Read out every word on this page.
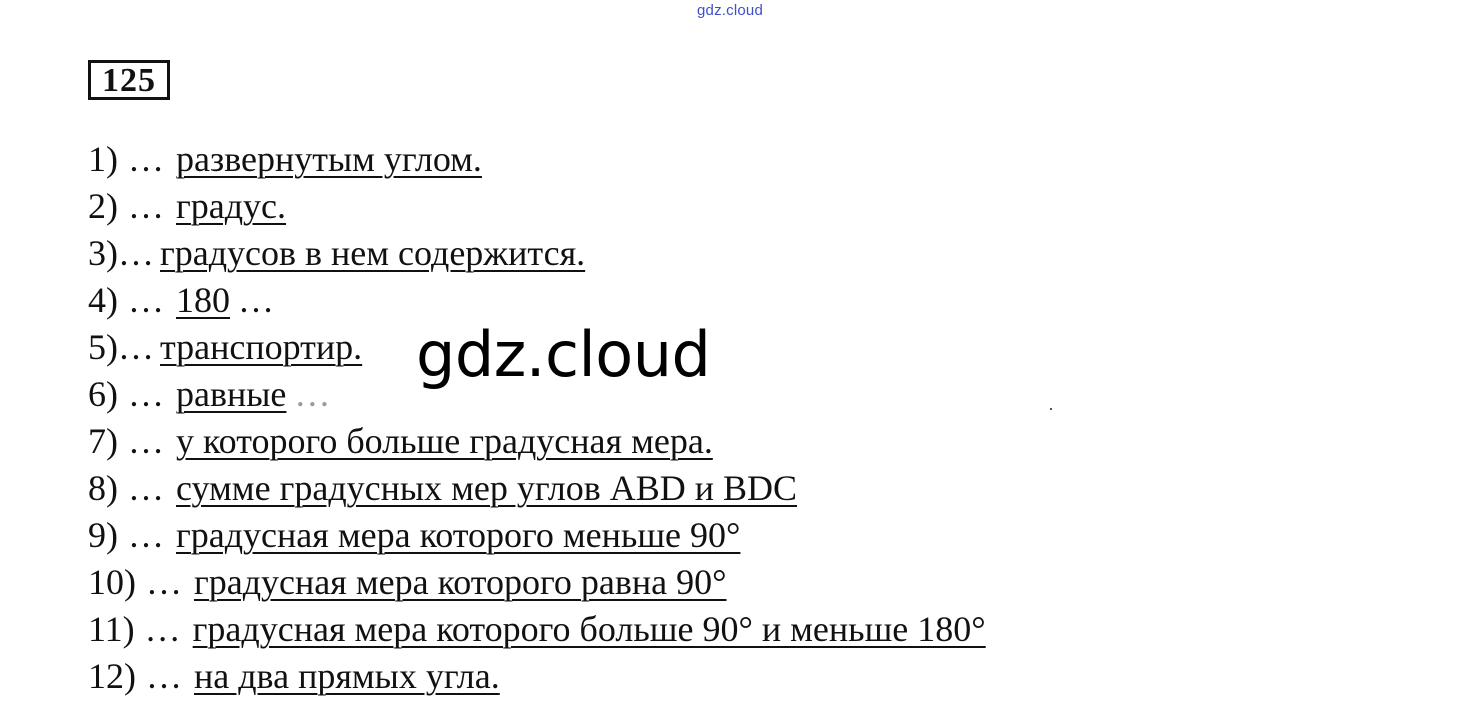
gdz.cloud
125
1) … развернутым углом.
2) … градус.
3)… градусов в нем содержится.
4) … 180 …
5)… транспортир.
6) … равные …
7) … у которого больше градусная мера.
8) … сумме градусных мер углов ABD и BDC
9) … градусная мера которого меньше 90°
10) … градусная мера которого равна 90°
11) … градусная мера которого больше 90° и меньше 180°
12) … на два прямых угла.
gdz.cloud
